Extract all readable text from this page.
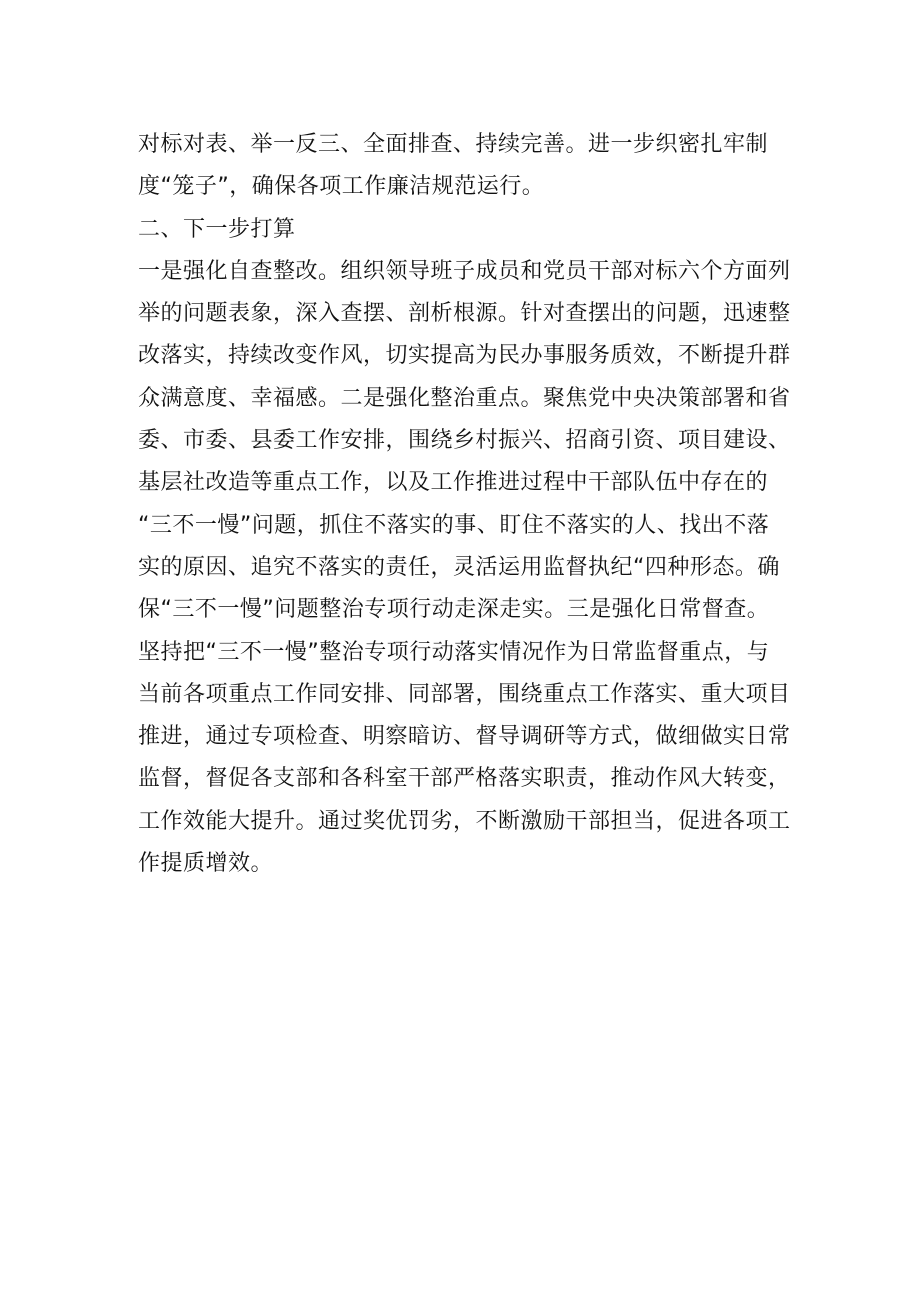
对标对表、举一反三、全面排查、持续完善。进一步织密扎牢制
度“笼子”，确保各项工作廉洁规范运行。
二、下一步打算
一是强化自查整改。组织领导班子成员和党员干部对标六个方面列
举的问题表象，深入查摆、剖析根源。针对查摆出的问题，迅速整
改落实，持续改变作风，切实提高为民办事服务质效，不断提升群
众满意度、幸福感。二是强化整治重点。聚焦党中央决策部署和省
委、市委、县委工作安排，围绕乡村振兴、招商引资、项目建设、
基层社改造等重点工作，以及工作推进过程中干部队伍中存在的
“三不一慢”问题，抓住不落实的事、盯住不落实的人、找出不落
实的原因、追究不落实的责任，灵活运用监督执纪“四种形态。确
保“三不一慢”问题整治专项行动走深走实。三是强化日常督查。
坚持把“三不一慢”整治专项行动落实情况作为日常监督重点，与
当前各项重点工作同安排、同部署，围绕重点工作落实、重大项目
推进，通过专项检查、明察暗访、督导调研等方式，做细做实日常
监督，督促各支部和各科室干部严格落实职责，推动作风大转变，
工作效能大提升。通过奖优罚劣，不断激励干部担当，促进各项工
作提质增效。
